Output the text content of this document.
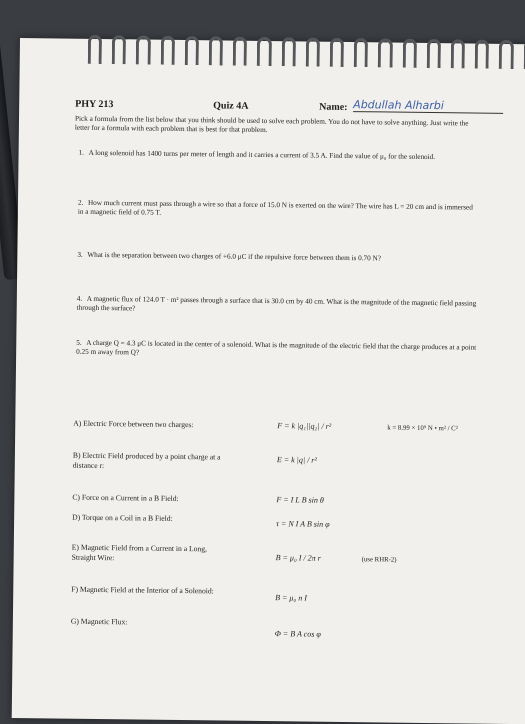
PHY 213	Quiz 4A	Name: Abdullah Alharbi
Pick a formula from the list below that you think should be used to solve each problem. You do not have to solve anything. Just write the letter for a formula with each problem that is best for that problem.
1. A long solenoid has 1400 turns per meter of length and it carries a current of 3.5 A. Find the value of μ₀ for the solenoid.
2. How much current must pass through a wire so that a force of 15.0 N is exerted on the wire? The wire has L = 20 cm and is immersed in a magnetic field of 0.75 T.
3. What is the separation between two charges of +6.0 μC if the repulsive force between them is 0.70 N?
4. A magnetic flux of 124.0 T · m² passes through a surface that is 30.0 cm by 40 cm. What is the magnitude of the magnetic field passing through the surface?
5. A charge Q = 4.3 μC is located in the center of a solenoid. What is the magnitude of the electric field that the charge produces at a point 0.25 m away from Q?
A) Electric Force between two charges:	F = k |q₁||q₂| / r²	k = 8.99 × 10⁹ N • m² / C²
B) Electric Field produced by a point charge at a distance r:
E = k |q| / r²
C) Force on a Current in a B Field:	F = I L B sin θ
D) Torque on a Coil in a B Field:
τ = N I A B sin φ
E) Magnetic Field from a Current in a Long, Straight Wire:	B = μ₀ I / 2π r	(use RHR-2)
F) Magnetic Field at the Interior of a Solenoid:
B = μ₀ n I
G) Magnetic Flux:
Φ = B A cos φ
